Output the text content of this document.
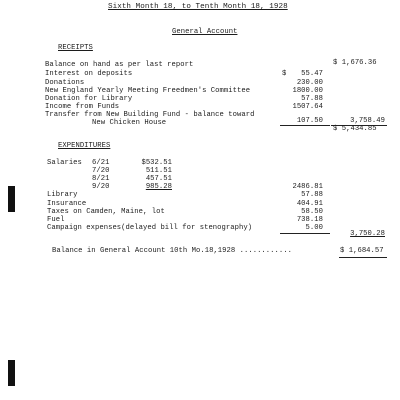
Sixth Month 18, to Tenth Month 18, 1928
General Account
RECEIPTS
Balance on hand as per last report	$ 1,676.36
Interest on deposits	$	55.47
Donations	230.00
New England Yearly Meeting Freedmen's Committee	1800.00
Donation for Library	57.88
Income from Funds	1507.64
Transfer from New Building Fund - balance toward
New Chicken House	107.50	3,758.49
$ 5,434.85
EXPENDITURES
Salaries 6/21	$532.51
7/20	511.51
8/21	457.51
9/20	985.28	2486.81
Library	57.88
Insurance	404.91
Taxes on Camden, Maine, lot	58.50
Fuel	738.18
Campaign expenses(delayed bill for stenography)	5.00
3,750.28
Balance in General Account 10th Mo.18,1928 ............	$ 1,684.57
